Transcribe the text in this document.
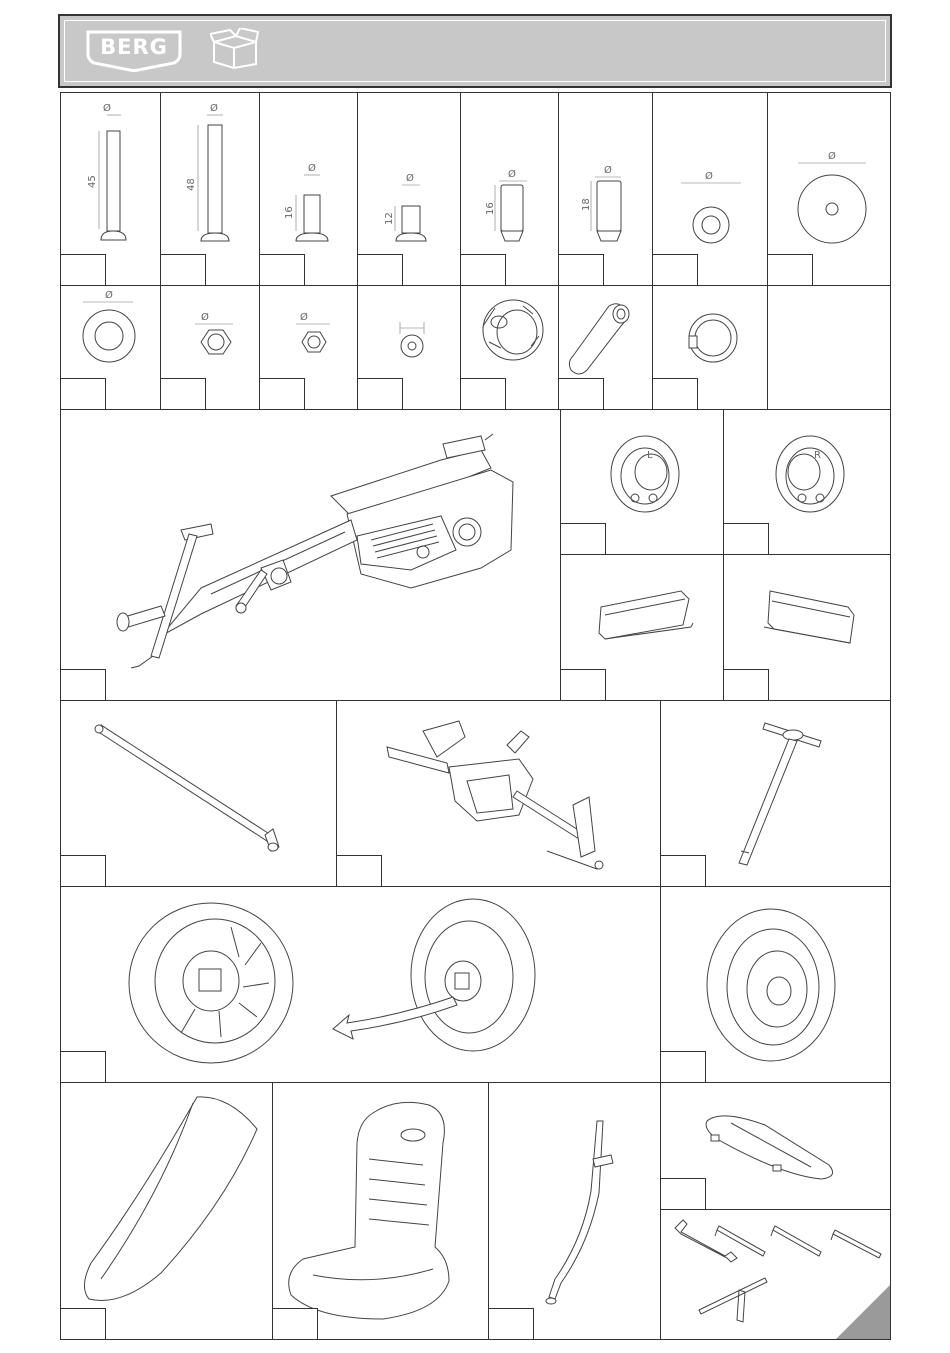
BERG
Ø
45
Ø
48
Ø
16
Ø
12
Ø
16
Ø
18
Ø
Ø
Ø
Ø	Ø
L	R
